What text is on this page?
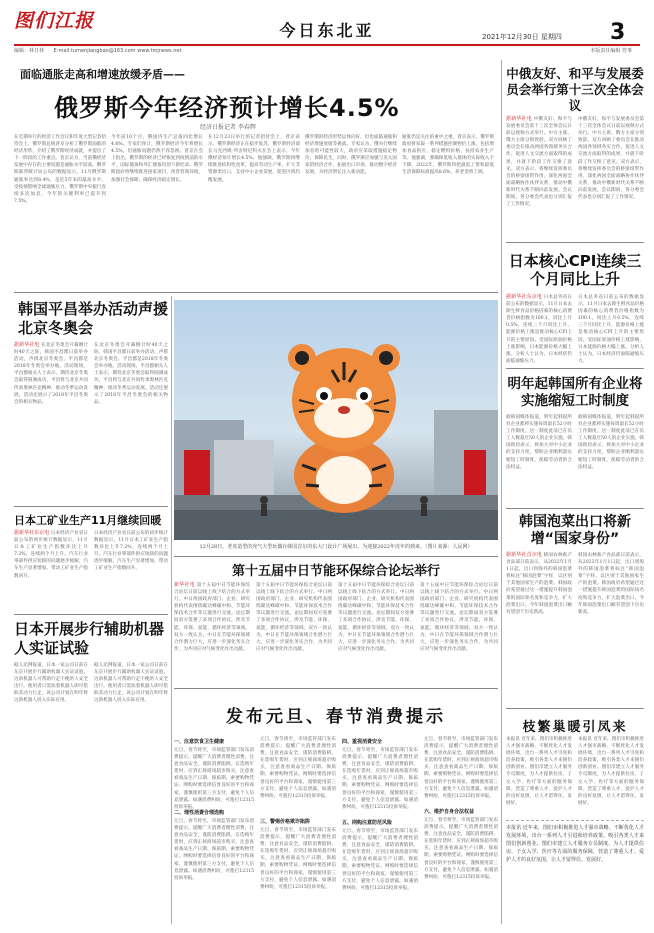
图们江报	今日东北亚	2021年12月30日 星期四 3
编辑：林日林 E-mail:tumenjiangbao@163.com www.tmjnews.net	本版责任编辑 符事
面临通胀走高和增速放缓矛盾——
俄罗斯今年经济预计增长4.5%
经济日报记者 李春辉
在近期举行的经济工作会议和年度大型记者招待会上，俄罗斯总统普京分析了俄罗斯面临的经济形势，介绍了俄罗斯经济成就，并提出了下一阶段的工作重点。普京认为，当前俄经济发展中存在的主要问题是通胀水平较高。俄罗斯联邦统计局公布的数据显示，11月俄罗斯通胀率达到8.4%，是近5年来的最高水平。受疫情影响全球通胀压力，俄罗斯中央银行连续多次加息，今年的关键利率已提升到7.5%。
今年前10个月，俄国内生产总值同比增长4.6%。专家们预计，俄罗斯经济今年将增长4.5%，但通胀问题仍然不容忽视。普京在会上指出，俄罗斯的经济已经恢复到疫情前的水平，国际储备和外汇储备均创下新纪录。俄罗斯政府将继续推进国家项目，改善营商环境，加强社会保障，确保经济稳定增长。
在12月23日举行的记者招待会上，普京表示，俄罗斯经济正在稳步复苏。俄罗斯经济部长马克西姆·列舍特尼科夫在会上表示，今年俄经济预计增长4.5%。他强调，俄罗斯将继续推进结构性改革，提高劳动生产率，扩大非资源类出口，支持中小企业发展，促进区域均衡发展。
俄罗斯的经济形势总体向好，但也面临通胀和经济增速放缓等挑战。专家认为，俄央行继续加息的可能性较大，政府应采取措施稳定物价，保障民生。同时，俄罗斯应加强与亚太国家的经济合作，拓展出口市场，推动数字经济发展，为经济增长注入新动能。
通胀仍是关注的重中之重。普京表示，俄罗斯政府将采取一系列措施控制物价上涨，包括增加食品供应、稳定燃料价格、扶持农业生产等。他强调，要确保低收入群体的实际收入不下降。2022年，俄罗斯将把最低工资和最低生活保障标准提高8.6%，养老金将上调。
中俄友好、和平与发展委员会举行第十三次全体会议
据新华社电 中俄友好、和平与发展委员会第十三次全体会议日前以视频方式举行。中方主席、俄方主席分别致辞。双方回顾了委员会在推动两国各领域务实合作、促进人文交流方面取得的成果，并就下阶段工作交换了意见。双方表示，将继续发挥委员会的桥梁纽带作用，深化两国全面战略协作伙伴关系，推动中俄新时代关系不断向前发展。会议期间，各分委会代表也分别汇报了工作情况。
中俄友好、和平与发展委员会第十三次全体会议日前以视频方式举行。中方主席、俄方主席分别致辞。双方回顾了委员会在推动两国各领域务实合作、促进人文交流方面取得的成果，并就下阶段工作交换了意见。双方表示，将继续发挥委员会的桥梁纽带作用，深化两国全面战略协作伙伴关系，推动中俄新时代关系不断向前发展。会议期间，各分委会代表也分别汇报了工作情况。
日本核心CPI连续三个月同比上升
据新华社东京电 日本总务省日前公布的数据显示，11月日本去除生鲜食品价格因素的核心消费者价格指数为100.1，同比上升0.5%，连续三个月同比上升。能源价格上涨是推动核心CPI上升的主要原因。受国际原油价格上涨影响，日本能源价格大幅上涨。分析人士认为，日本经济仍面临通缩压力。
日本总务省日前公布的数据显示，11月日本去除生鲜食品价格因素的核心消费者价格指数为100.1，同比上升0.5%，连续三个月同比上升。能源价格上涨是推动核心CPI上升的主要原因。受国际原油价格上涨影响，日本能源价格大幅上涨。分析人士认为，日本经济仍面临通缩压力。
明年起韩国所有企业将实施缩短工时制度
据韩国媒体报道，明年起韩国所有企业都将实施每周最长52小时工作制度。这一制度此前已在员工人数超过50人的企业实施。韩国政府表示，将加大对中小企业的支持力度，帮助企业顺利落实缩短工时制度，保障劳动者的合法权益。
据韩国媒体报道，明年起韩国所有企业都将实施每周最长52小时工作制度。这一制度此前已在员工人数超过50人的企业实施。韩国政府表示，将加大对中小企业的支持力度，帮助企业顺利落实缩短工时制度，保障劳动者的合法权益。
韩国泡菜出口将新增“国家身份”
据新华社首尔电 韩国农林畜产食品部日前表示，从2022年1月1日起，出口到海外的韩国泡菜将标注“韩国泡菜”字样，以区别于其他国家生产的泡菜。韩国政府希望通过这一措施提升韩国泡菜的国际知名度和竞争力，扩大泡菜出口。今年韩国泡菜出口额有望创下历史新高。
韩国农林畜产食品部日前表示，从2022年1月1日起，出口到海外的韩国泡菜将标注“韩国泡菜”字样，以区别于其他国家生产的泡菜。韩国政府希望通过这一措施提升韩国泡菜的国际知名度和竞争力，扩大泡菜出口。今年韩国泡菜出口额有望创下历史新高。
枝繁巢暖引凤来
本报讯 近年来，图们市积极推进人才强市战略，不断优化人才发展环境，出台一系列人才引进和培养政策，吸引各类人才来图们创新创业。图们市建立人才服务专员制度，为人才提供住房、子女入学、医疗等方面的服务保障，营造了尊重人才、爱护人才的良好氛围，让人才留得住、发展好。
本报讯 近年来，图们市积极推进人才强市战略，不断优化人才发展环境，出台一系列人才引进和培养政策，吸引各类人才来图们创新创业。图们市建立人才服务专员制度，为人才提供住房、子女入学、医疗等方面的服务保障，营造了尊重人才、爱护人才的良好氛围，让人才留得住、发展好。
本报讯 近年来，图们市积极推进人才强市战略，不断优化人才发展环境，出台一系列人才引进和培养政策，吸引各类人才来图们创新创业。图们市建立人才服务专员制度，为人才提供住房、子女入学、医疗等方面的服务保障，营造了尊重人才、爱护人才的良好氛围，让人才留得住、发展好。
韩国平昌举办活动声援北京冬奥会
据新华社电 在北京冬奥会开幕倒计时40天之际，韩国平昌郡日前举办活动，声援北京冬奥会。平昌郡是2018年冬奥会举办地。活动现场，平昌郡相关人士表示，期待北京冬奥会取得圆满成功，平昌将与北京共同传承奥林匹克精神，推动冬季运动发展。活动还展示了2018年平昌冬奥会的相关物品。
在北京冬奥会开幕倒计时40天之际，韩国平昌郡日前举办活动，声援北京冬奥会。平昌郡是2018年冬奥会举办地。活动现场，平昌郡相关人士表示，期待北京冬奥会取得圆满成功，平昌将与北京共同传承奥林匹克精神，推动冬季运动发展。活动还展示了2018年平昌冬奥会的相关物品。
12月28日，老虎造型的充气大型玩偶在韩国首尔的东大门设计广场展出，为迎接2022年虎年的到来。（图片来源：人民网）
第十五届中日节能环保综合论坛举行
新华社电 第十五届中日节能环保综合论坛日前以线上线下结合的方式举行。中日两国政府部门、企业、研究机构代表围绕碳达峰碳中和、节能环保技术合作等议题进行交流。论坛期间双方签署了多项合作协议，涉及节能、环保、氢能、循环经济等领域。双方一致认为，中日在节能环保领域合作潜力巨大，应进一步深化务实合作，为共同应对气候变化作出贡献。
第十五届中日节能环保综合论坛日前以线上线下结合的方式举行。中日两国政府部门、企业、研究机构代表围绕碳达峰碳中和、节能环保技术合作等议题进行交流。论坛期间双方签署了多项合作协议，涉及节能、环保、氢能、循环经济等领域。双方一致认为，中日在节能环保领域合作潜力巨大，应进一步深化务实合作，为共同应对气候变化作出贡献。
第十五届中日节能环保综合论坛日前以线上线下结合的方式举行。中日两国政府部门、企业、研究机构代表围绕碳达峰碳中和、节能环保技术合作等议题进行交流。论坛期间双方签署了多项合作协议，涉及节能、环保、氢能、循环经济等领域。双方一致认为，中日在节能环保领域合作潜力巨大，应进一步深化务实合作，为共同应对气候变化作出贡献。
第十五届中日节能环保综合论坛日前以线上线下结合的方式举行。中日两国政府部门、企业、研究机构代表围绕碳达峰碳中和、节能环保技术合作等议题进行交流。论坛期间双方签署了多项合作协议，涉及节能、环保、氢能、循环经济等领域。双方一致认为，中日在节能环保领域合作潜力巨大，应进一步深化务实合作，为共同应对气候变化作出贡献。
日本工矿业生产11月继续回暖
据新华社东京电 日本经济产业省日前公布的初步统计数据显示，11月日本工矿业生产指数环比上升7.2%，连续两个月上升。汽车行业零部件供应短缺的问题逐步缓解，汽车生产显著增加，带动工矿业生产指数回升。
日本经济产业省日前公布的初步统计数据显示，11月日本工矿业生产指数环比上升7.2%，连续两个月上升。汽车行业零部件供应短缺的问题逐步缓解，汽车生产显著增加，带动工矿业生产指数回升。
日本开展步行辅助机器人实证试验
据人民网报道，日本一家公司日前在东京开展步行辅助机器人实证试验。这款机器人可帮助行走不便的人安全出行，使用者只需扶着机器人即可借助其动力行走。该公司计划在明年将这款机器人投入实际应用。
据人民网报道，日本一家公司日前在东京开展步行辅助机器人实证试验。这款机器人可帮助行走不便的人安全出行，使用者只需扶着机器人即可借助其动力行走。该公司计划在明年将这款机器人投入实际应用。
发布元旦、春节消费提示
一、注意饮食卫生健康
元旦、春节将至，市场监管部门发布消费提示，提醒广大消费者理性消费，注意食品安全，谨防消费陷阱。在选购年货时，应到正规商场超市购买，注意查看商品生产日期、保质期，索要购物凭证。网购时要选择信誉良好的平台和商家，谨慎使用第三方支付，避免个人信息泄露。如遇消费纠纷，可拨打12315投诉举报。
二、理性消费合理选购
元旦、春节将至，市场监管部门发布消费提示，提醒广大消费者理性消费，注意食品安全，谨防消费陷阱。在选购年货时，应到正规商场超市购买，注意查看商品生产日期、保质期，索要购物凭证。网购时要选择信誉良好的平台和商家，谨慎使用第三方支付，避免个人信息泄露。如遇消费纠纷，可拨打12315投诉举报。
元旦、春节将至，市场监管部门发布消费提示，提醒广大消费者理性消费，注意食品安全，谨防消费陷阱。在选购年货时，应到正规商场超市购买，注意查看商品生产日期、保质期，索要购物凭证。网购时要选择信誉良好的平台和商家，谨慎使用第三方支付，避免个人信息泄露。如遇消费纠纷，可拨打12315投诉举报。
三、警惕价格欺诈陷阱
元旦、春节将至，市场监管部门发布消费提示，提醒广大消费者理性消费，注意食品安全，谨防消费陷阱。在选购年货时，应到正规商场超市购买，注意查看商品生产日期、保质期，索要购物凭证。网购时要选择信誉良好的平台和商家，谨慎使用第三方支付，避免个人信息泄露。如遇消费纠纷，可拨打12315投诉举报。
四、重视消费安全
元旦、春节将至，市场监管部门发布消费提示，提醒广大消费者理性消费，注意食品安全，谨防消费陷阱。在选购年货时，应到正规商场超市购买，注意查看商品生产日期、保质期，索要购物凭证。网购时要选择信誉良好的平台和商家，谨慎使用第三方支付，避免个人信息泄露。如遇消费纠纷，可拨打12315投诉举报。
五、网购注意防范风险
元旦、春节将至，市场监管部门发布消费提示，提醒广大消费者理性消费，注意食品安全，谨防消费陷阱。在选购年货时，应到正规商场超市购买，注意查看商品生产日期、保质期，索要购物凭证。网购时要选择信誉良好的平台和商家，谨慎使用第三方支付，避免个人信息泄露。如遇消费纠纷，可拨打12315投诉举报。
元旦、春节将至，市场监管部门发布消费提示，提醒广大消费者理性消费，注意食品安全，谨防消费陷阱。在选购年货时，应到正规商场超市购买，注意查看商品生产日期、保质期，索要购物凭证。网购时要选择信誉良好的平台和商家，谨慎使用第三方支付，避免个人信息泄露。如遇消费纠纷，可拨打12315投诉举报。
六、维护自身合法权益
元旦、春节将至，市场监管部门发布消费提示，提醒广大消费者理性消费，注意食品安全，谨防消费陷阱。在选购年货时，应到正规商场超市购买，注意查看商品生产日期、保质期，索要购物凭证。网购时要选择信誉良好的平台和商家，谨慎使用第三方支付，避免个人信息泄露。如遇消费纠纷，可拨打12315投诉举报。
